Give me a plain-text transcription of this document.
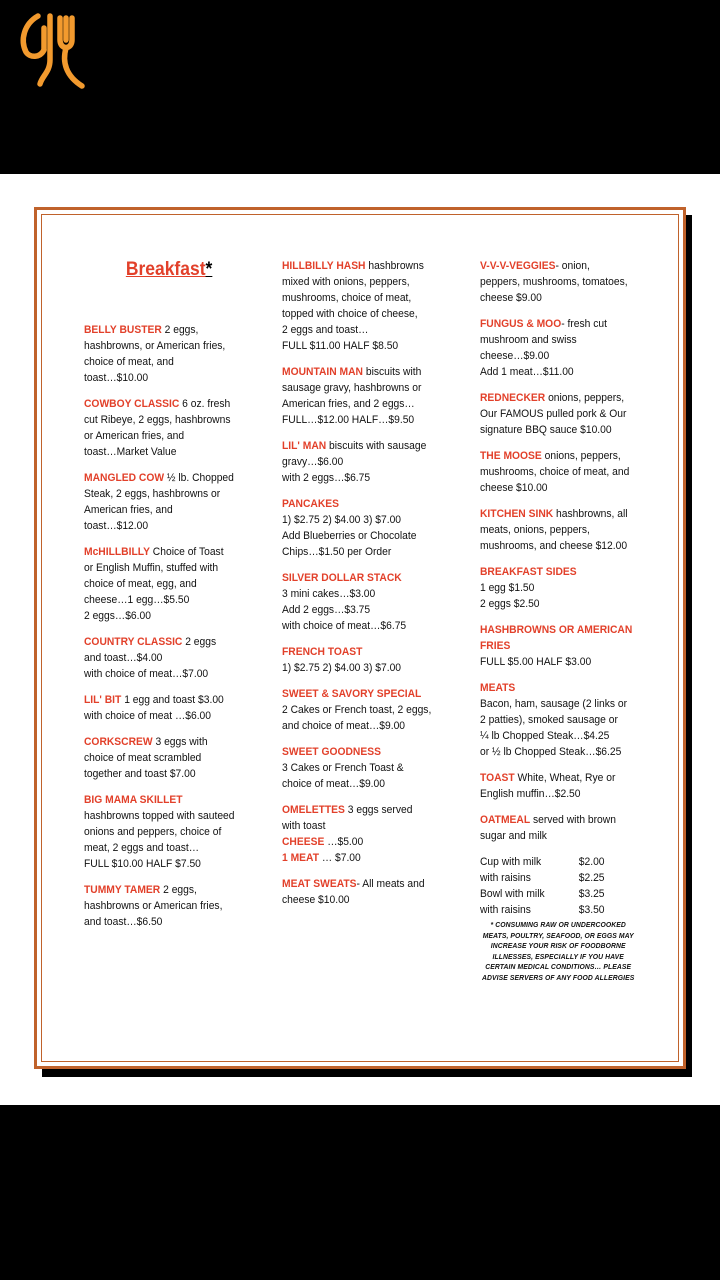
Breakfast*
BELLY BUSTER 2 eggs,
hashbrowns, or American fries,
choice of meat, and
toast…$10.00
COWBOY CLASSIC 6 oz. fresh
cut Ribeye, 2 eggs, hashbrowns
or American fries, and
toast…Market Value
MANGLED COW ½ lb. Chopped
Steak, 2 eggs, hashbrowns or
American fries, and
toast…$12.00
McHILLBILLY Choice of Toast
or English Muffin, stuffed with
choice of meat, egg, and
cheese…1 egg…$5.50
2 eggs…$6.00
COUNTRY CLASSIC 2 eggs
and toast…$4.00
with choice of meat…$7.00
LIL' BIT 1 egg and toast $3.00
with choice of meat …$6.00
CORKSCREW 3 eggs with
choice of meat scrambled
together and toast $7.00
BIG MAMA SKILLET
hashbrowns topped with sauteed
onions and peppers, choice of
meat, 2 eggs and toast…
FULL $10.00 HALF $7.50
TUMMY TAMER 2 eggs,
hashbrowns or American fries,
and toast…$6.50
HILLBILLY HASH hashbrowns
mixed with onions, peppers,
mushrooms, choice of meat,
topped with choice of cheese,
2 eggs and toast…
FULL $11.00 HALF $8.50
MOUNTAIN MAN biscuits with
sausage gravy, hashbrowns or
American fries, and 2 eggs…
FULL…$12.00 HALF…$9.50
LIL' MAN biscuits with sausage
gravy…$6.00
with 2 eggs…$6.75
PANCAKES
1) $2.75 2) $4.00 3) $7.00
Add Blueberries or Chocolate
Chips…$1.50 per Order
SILVER DOLLAR STACK
3 mini cakes…$3.00
Add 2 eggs…$3.75
with choice of meat…$6.75
FRENCH TOAST
1) $2.75 2) $4.00 3) $7.00
SWEET & SAVORY SPECIAL
2 Cakes or French toast, 2 eggs,
and choice of meat…$9.00
SWEET GOODNESS
3 Cakes or French Toast &
choice of meat…$9.00
OMELETTES 3 eggs served
with toast
CHEESE …$5.00
1 MEAT … $7.00
MEAT SWEATS- All meats and
cheese $10.00
V-V-V-VEGGIES- onion,
peppers, mushrooms, tomatoes,
cheese $9.00
FUNGUS & MOO- fresh cut
mushroom and swiss
cheese…$9.00
Add 1 meat…$11.00
REDNECKER onions, peppers,
Our FAMOUS pulled pork & Our
signature BBQ sauce $10.00
THE MOOSE onions, peppers,
mushrooms, choice of meat, and
cheese $10.00
KITCHEN SINK hashbrowns, all
meats, onions, peppers,
mushrooms, and cheese $12.00
BREAKFAST SIDES
1 egg $1.50
2 eggs $2.50
HASHBROWNS OR AMERICAN FRIES
FULL $5.00 HALF $3.00
MEATS
Bacon, ham, sausage (2 links or
2 patties), smoked sausage or
¼ lb Chopped Steak…$4.25
or ½ lb Chopped Steak…$6.25
TOAST White, Wheat, Rye or
English muffin…$2.50
OATMEAL served with brown
sugar and milk
Cup with milk	$2.00
with raisins	$2.25
Bowl with milk	$3.25
with raisins	$3.50
* CONSUMING RAW OR UNDERCOOKED MEATS, POULTRY, SEAFOOD, OR EGGS MAY INCREASE YOUR RISK OF FOODBORNE ILLNESSES, ESPECIALLY IF YOU HAVE CERTAIN MEDICAL CONDITIONS… PLEASE ADVISE SERVERS OF ANY FOOD ALLERGIES
